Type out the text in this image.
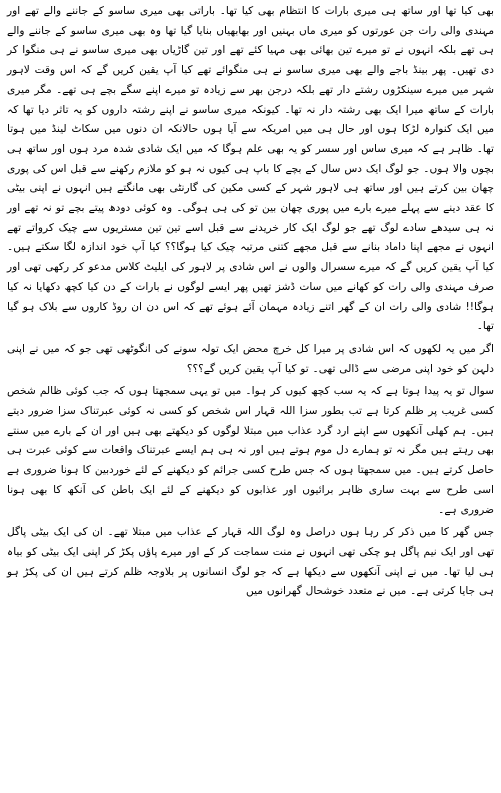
بھی کیا تھا اور ساتھ ہی میری بارات کا انتظام بھی کیا تھا۔ باراتی بھی میری ساسو کے جاننے والے تھے اور مہندی والی رات جن عورتوں کو میری ماں بہنیں اور بھابھیاں بنایا گیا تھا وہ بھی میری ساسو کے جاننے والے ہی تھے بلکہ انہوں نے تو میرے تین بھائی بھی مہیا کئے تھے اور تین گاڑیاں بھی میری ساسو نے ہی منگوا کر دی تھیں۔ پھر بینڈ باجے والے بھی میری ساسو نے ہی منگوائے تھے کیا آپ یقین کریں گے کہ اس وقت لاہور شہر میں میرے سینکڑوں رشتے دار تھے بلکہ درجن بھر سے زیادہ تو میرے اپنے سگے بچے ہی تھے۔ مگر میری بارات کے ساتھ میرا ایک بھی رشتہ دار نہ تھا۔ کیونکہ میری ساسو نے اپنے رشتہ داروں کو یہ تاثر دیا تھا کہ میں ایک کنوارہ لڑکا ہوں اور حال ہی میں امریکہ سے آیا ہوں حالانکہ ان دنوں میں سکاٹ لینڈ میں ہوتا تھا۔ ظاہر ہے کہ میری ساس اور سسر کو یہ بھی علم ہوگا کہ میں ایک شادی شدہ مرد ہوں اور ساتھ ہی بچوں والا ہوں۔ جو لوگ ایک دس سال کے بچے کا باپ ہی کیوں نہ ہو کو ملازم رکھنے سے قبل اس کی پوری چھان بین کرتے ہیں اور ساتھ ہی لاہور شہر کے کسی مکین کی گارنٹی بھی مانگتے ہیں انہوں نے اپنی بیٹی کا عقد دینے سے پہلے میرے بارے میں پوری چھان بین تو کی ہی ہوگی۔ وہ کوئی دودھ پیتے بچے تو نہ تھے اور نہ ہی سیدھے سادے لوگ تھے جو لوگ ایک کار خریدنے سے قبل اسے تین تین مستریوں سے چیک کرواتے تھے انہوں نے مجھے اپنا داماد بنانے سے قبل مجھے کتنی مرتبہ چیک کیا ہوگا؟؟ کیا آپ خود اندازہ لگا سکتے ہیں۔ کیا آپ یقین کریں گے کہ میرے سسرال والوں نے اس شادی پر لاہور کی ایلیٹ کلاس مدعو کر رکھی تھی اور صرف مہندی والی رات کو کھانے میں سات ڈشز تھیں پھر ایسے لوگوں نے بارات کے دن کیا کچھ دکھایا نہ کیا ہوگا!! شادی والی رات ان کے گھر اتنے زیادہ مہمان آئے ہوئے تھے کہ اس دن ان روڈ کاروں سے بلاک ہو گیا تھا۔

اگر میں یہ لکھوں کہ اس شادی پر میرا کل خرچ محض ایک تولہ سونے کی انگوٹھی تھی جو کہ میں نے اپنی دلہن کو خود اپنی مرضی سے ڈالی تھی۔ تو کیا آپ یقین کریں گے؟؟؟

سوال تو یہ پیدا ہوتا ہے کہ یہ سب کچھ کیوں کر ہوا۔ میں تو یہی سمجھتا ہوں کہ جب کوئی ظالم شخص کسی غریب پر ظلم کرتا ہے تب بطور سزا اللہ قہار اس شخص کو کسی نہ کوئی عبرتناک سزا ضرور دیتے ہیں۔ ہم کھلی آنکھوں سے اپنے ارد گرد عذاب میں مبتلا لوگوں کو دیکھتے بھی ہیں اور ان کے بارے میں سنتے بھی رہتے ہیں مگر نہ تو ہمارے دل موم ہوتے ہیں اور نہ ہی ہم ایسے عبرتناک واقعات سے کوئی عبرت ہی حاصل کرتے ہیں۔ میں سمجھتا ہوں کہ جس طرح کسی جرائم کو دیکھنے کے لئے خوردبین کا ہونا ضروری ہے اسی طرح سے بہت ساری ظاہر برائیوں اور عذابوں کو دیکھنے کے لئے ایک باطن کی آنکھ کا بھی ہونا ضروری ہے۔

جس گھر کا میں ذکر کر رہا ہوں دراصل وہ لوگ اللہ قہار کے عذاب میں مبتلا تھے۔ ان کی ایک بیٹی پاگل تھی اور ایک نیم پاگل ہو چکی تھی انہوں نے منت سماجت کر کے اور میرے پاؤں پکڑ کر اپنی ایک بیٹی کو بیاہ ہی لیا تھا۔ میں نے اپنی آنکھوں سے دیکھا ہے کہ جو لوگ انسانوں پر بلاوجہ ظلم کرتے ہیں ان کی پکڑ ہو ہی جایا کرتی ہے۔ میں نے متعدد خوشحال گھرانوں میں
